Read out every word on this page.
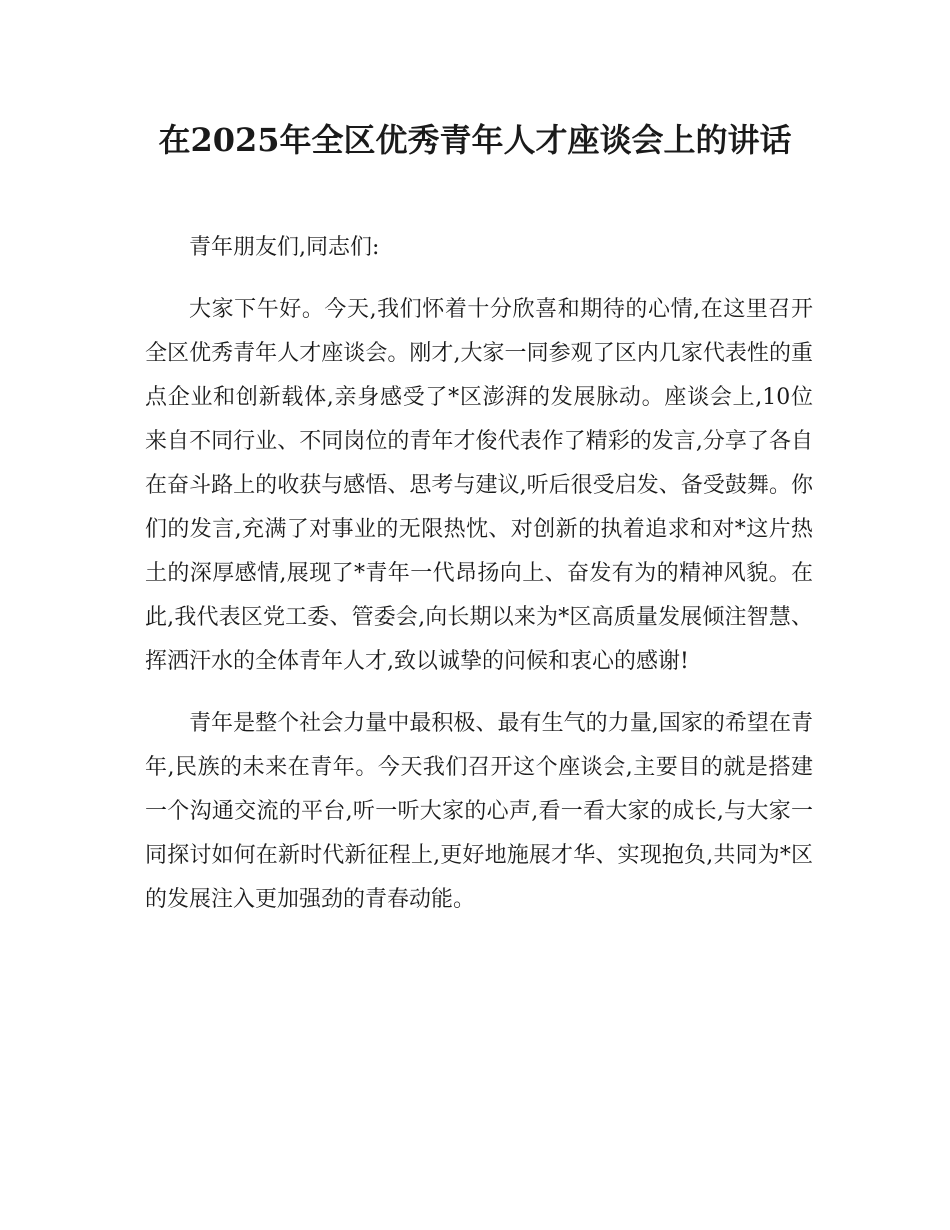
在2025年全区优秀青年人才座谈会上的讲话

青年朋友们,同志们:

大家下午好。今天,我们怀着十分欣喜和期待的心情,在这里召开全区优秀青年人才座谈会。刚才,大家一同参观了区内几家代表性的重点企业和创新载体,亲身感受了*区澎湃的发展脉动。座谈会上,10位来自不同行业、不同岗位的青年才俊代表作了精彩的发言,分享了各自在奋斗路上的收获与感悟、思考与建议,听后很受启发、备受鼓舞。你们的发言,充满了对事业的无限热忱、对创新的执着追求和对*这片热土的深厚感情,展现了*青年一代昂扬向上、奋发有为的精神风貌。在此,我代表区党工委、管委会,向长期以来为*区高质量发展倾注智慧、挥洒汗水的全体青年人才,致以诚挚的问候和衷心的感谢!

青年是整个社会力量中最积极、最有生气的力量,国家的希望在青年,民族的未来在青年。今天我们召开这个座谈会,主要目的就是搭建一个沟通交流的平台,听一听大家的心声,看一看大家的成长,与大家一同探讨如何在新时代新征程上,更好地施展才华、实现抱负,共同为*区的发展注入更加强劲的青春动能。
